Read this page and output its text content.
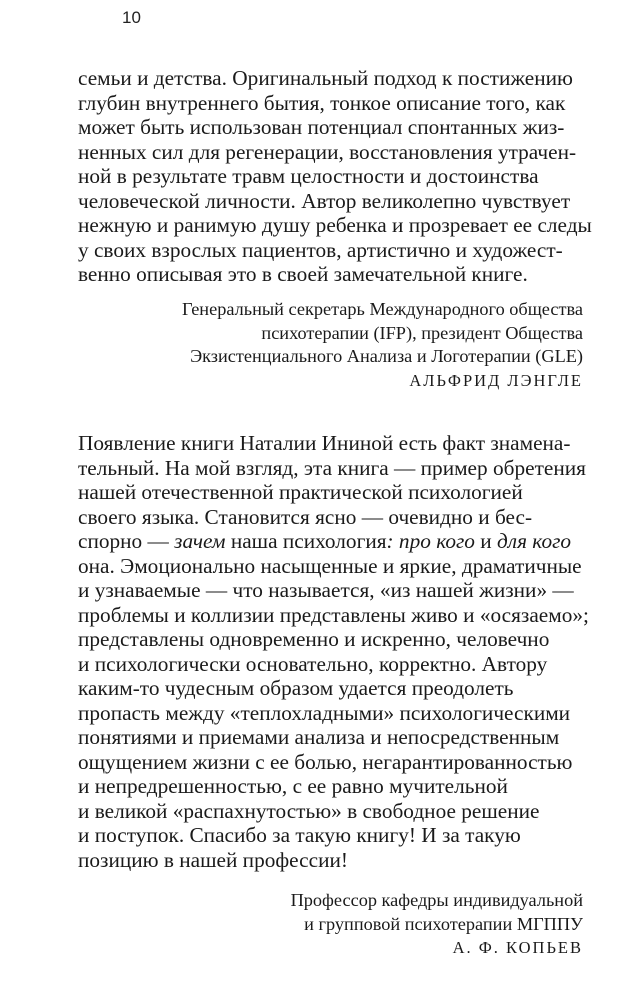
10
семьи и детства. Оригинальный подход к постижению
глубин внутреннего бытия, тонкое описание того, как
может быть использован потенциал спонтанных жиз-
ненных сил для регенерации, восстановления утрачен-
ной в результате травм целостности и достоинства
человеческой личности. Автор великолепно чувствует
нежную и ранимую душу ребенка и прозревает ее следы
у своих взрослых пациентов, артистично и художест-
венно описывая это в своей замечательной книге.
Генеральный секретарь Международного общества
психотерапии (IFP), президент Общества
Экзистенциального Анализа и Логотерапии (GLE)
АЛЬФРИД ЛЭНГЛЕ
Появление книги Наталии Ининой есть факт знамена-
тельный. На мой взгляд, эта книга — пример обретения
нашей отечественной практической психологией
своего языка. Становится ясно — очевидно и бес-
спорно — зачем наша психология: про кого и для кого
она. Эмоционально насыщенные и яркие, драматичные
и узнаваемые — что называется, «из нашей жизни» —
проблемы и коллизии представлены живо и «осязаемо»;
представлены одновременно и искренно, человечно
и психологически основательно, корректно. Автору
каким-то чудесным образом удается преодолеть
пропасть между «теплохладными» психологическими
понятиями и приемами анализа и непосредственным
ощущением жизни с ее болью, негарантированностью
и непредрешенностью, с ее равно мучительной
и великой «распахнутостью» в свободное решение
и поступок. Спасибо за такую книгу! И за такую
позицию в нашей профессии!
Профессор кафедры индивидуальной
и групповой психотерапии МГППУ
А. Ф. КОПЬЕВ
